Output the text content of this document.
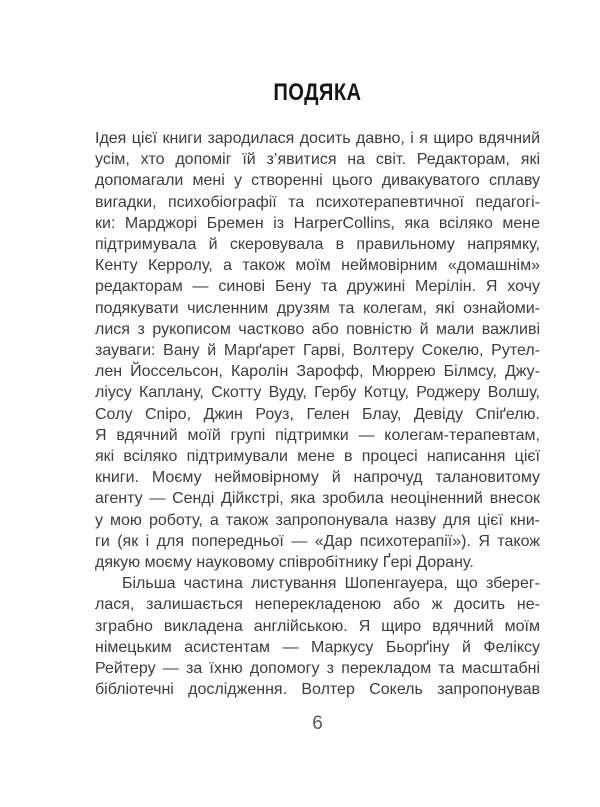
ПОДЯКА
Ідея цієї книги зародилася досить давно, і я щиро вдячний
усім, хто допоміг їй з’явитися на світ. Редакторам, які
допомагали мені у створенні цього дивакуватого сплаву
вигадки, психобіографії та психотерапевтичної педагогі-
ки: Марджорі Бремен із HarperCollins, яка всіляко мене
підтримувала й скеровувала в правильному напрямку,
Кенту Керролу, а також моїм неймовірним «домашнім»
редакторам — синові Бену та дружині Мерілін. Я хочу
подякувати численним друзям та колегам, які ознайоми-
лися з рукописом частково або повністю й мали важливі
зауваги: Вану й Марґарет Гарві, Волтеру Сокелю, Рутел-
лен Йоссельсон, Каролін Зарофф, Мюррею Білмсу, Джу-
ліусу Каплану, Скотту Вуду, Гербу Котцу, Роджеру Волшу,
Солу Спіро, Джин Роуз, Гелен Блау, Девіду Спіґелю.
Я вдячний моїй групі підтримки — колегам-терапевтам,
які всіляко підтримували мене в процесі написання цієї
книги. Моєму неймовірному й напрочуд талановитому
агенту — Сенді Дійкстрі, яка зробила неоціненний внесок
у мою роботу, а також запропонувала назву для цієї кни-
ги (як і для попередньої — «Дар психотерапії»). Я також
дякую моєму науковому співробітнику Ґері Дорану.
Більша частина листування Шопенгауера, що зберег-
лася, залишається неперекладеною або ж досить не-
зграбно викладена англійською. Я щиро вдячний моїм
німецьким асистентам — Маркусу Бьорґіну й Феліксу
Рейтеру — за їхню допомогу з перекладом та масштабні
бібліотечні дослідження. Волтер Сокель запропонував
6
